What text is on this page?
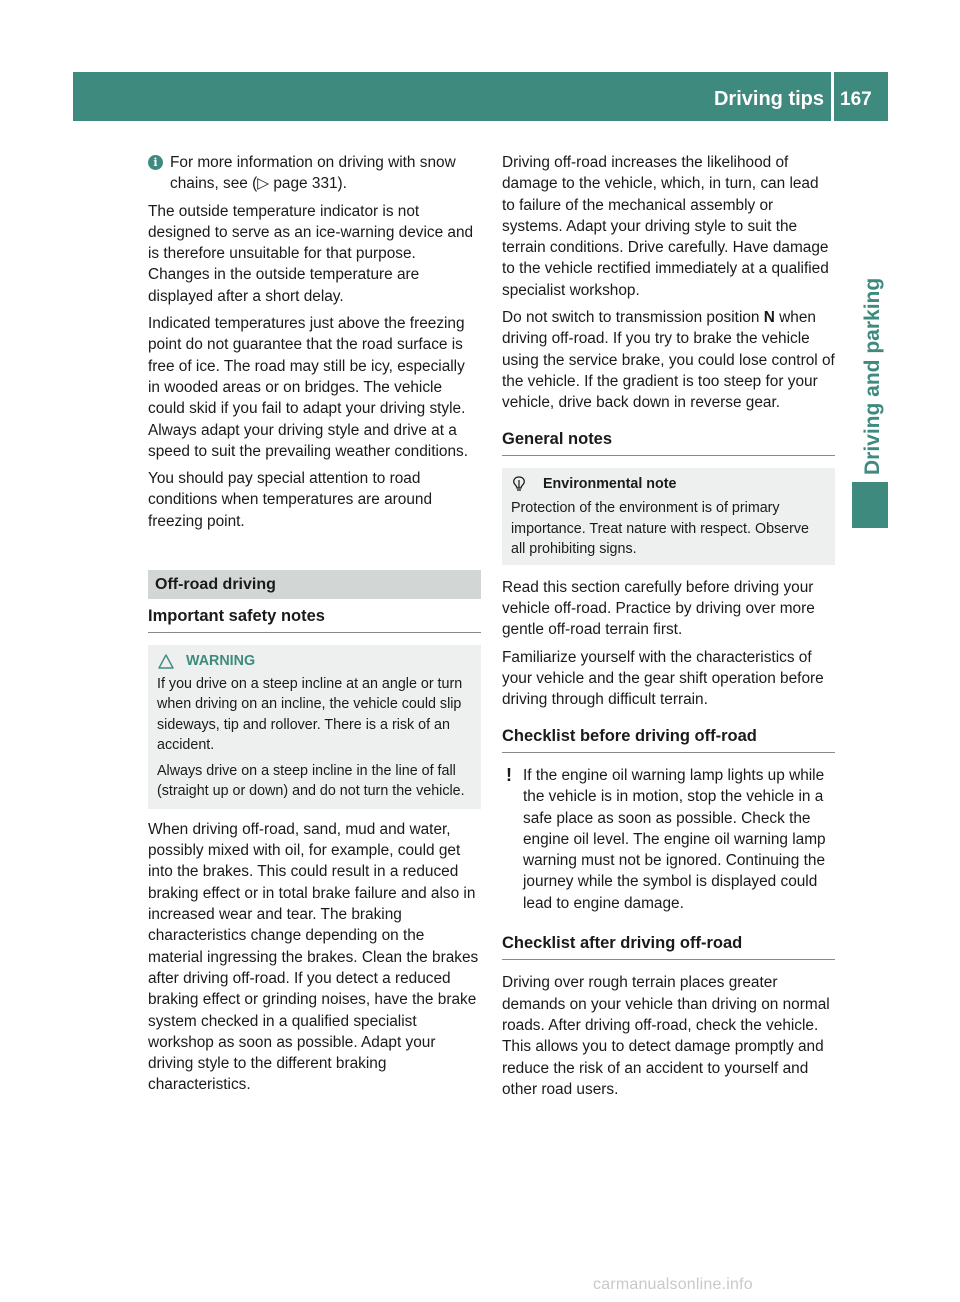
Driving tips 167
Driving and parking
i For more information on driving with snow chains, see (▷ page 331).

The outside temperature indicator is not designed to serve as an ice-warning device and is therefore unsuitable for that purpose. Changes in the outside temperature are displayed after a short delay.

Indicated temperatures just above the freezing point do not guarantee that the road surface is free of ice. The road may still be icy, especially in wooded areas or on bridges. The vehicle could skid if you fail to adapt your driving style. Always adapt your driving style and drive at a speed to suit the prevailing weather conditions.

You should pay special attention to road conditions when temperatures are around freezing point.

Off-road driving
Important safety notes
WARNING

If you drive on a steep incline at an angle or turn when driving on an incline, the vehicle could slip sideways, tip and rollover. There is a risk of an accident.

Always drive on a steep incline in the line of fall (straight up or down) and do not turn the vehicle.

When driving off-road, sand, mud and water, possibly mixed with oil, for example, could get into the brakes. This could result in a reduced braking effect or in total brake failure and also in increased wear and tear. The braking characteristics change depending on the material ingressing the brakes. Clean the brakes after driving off-road. If you detect a reduced braking effect or grinding noises, have the brake system checked in a qualified specialist workshop as soon as possible. Adapt your driving style to the different braking characteristics.

Driving off-road increases the likelihood of damage to the vehicle, which, in turn, can lead to failure of the mechanical assembly or systems. Adapt your driving style to suit the terrain conditions. Drive carefully. Have damage to the vehicle rectified immediately at a qualified specialist workshop.

Do not switch to transmission position N when driving off-road. If you try to brake the vehicle using the service brake, you could lose control of the vehicle. If the gradient is too steep for your vehicle, drive back down in reverse gear.

General notes
Environmental note
Protection of the environment is of primary importance. Treat nature with respect. Observe all prohibiting signs.

Read this section carefully before driving your vehicle off-road. Practice by driving over more gentle off-road terrain first.

Familiarize yourself with the characteristics of your vehicle and the gear shift operation before driving through difficult terrain.

Checklist before driving off-road
! If the engine oil warning lamp lights up while the vehicle is in motion, stop the vehicle in a safe place as soon as possible. Check the engine oil level. The engine oil warning lamp warning must not be ignored. Continuing the journey while the symbol is displayed could lead to engine damage.
Checklist after driving off-road

Driving over rough terrain places greater demands on your vehicle than driving on normal roads. After driving off-road, check the vehicle. This allows you to detect damage promptly and reduce the risk of an accident to yourself and other road users.

carmanualsonline.info
